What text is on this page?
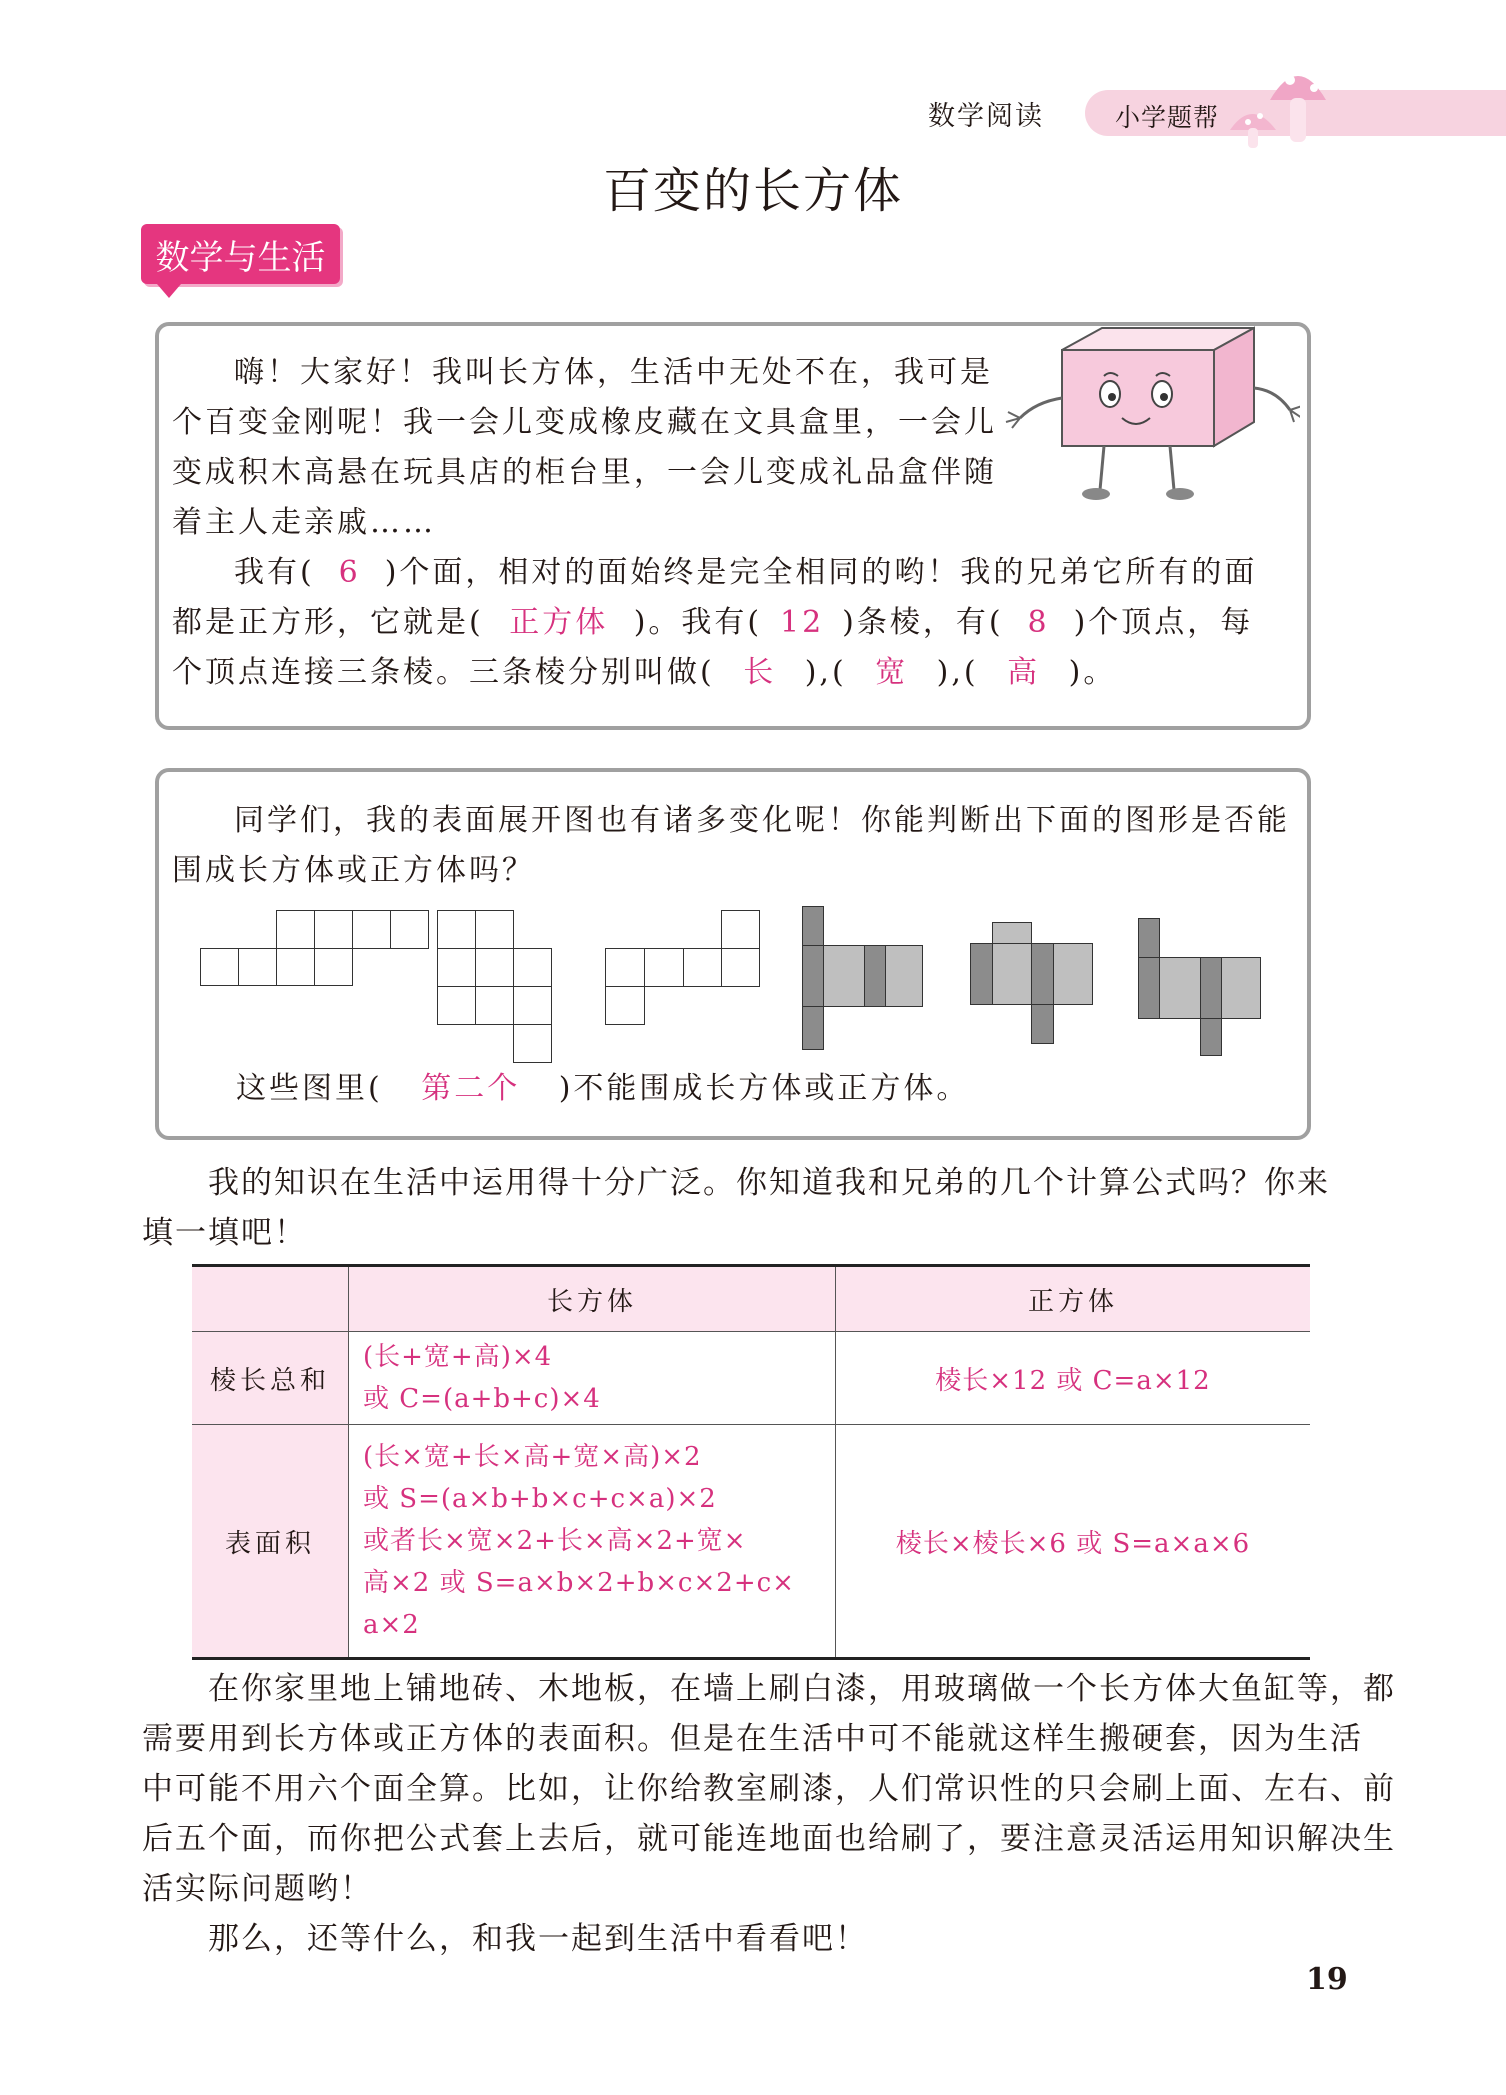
数学阅读	小学题帮
百变的长方体
数学与生活
嗨！大家好！我叫长方体，生活中无处不在，我可是
个百变金刚呢！我一会儿变成橡皮藏在文具盒里，一会儿
变成积木高悬在玩具店的柜台里，一会儿变成礼品盒伴随
着主人走亲戚……
我有( 6 )个面，相对的面始终是完全相同的哟！我的兄弟它所有的面
都是正方形，它就是( 正方体 )。我有( 12 )条棱，有( 8 )个顶点，每
个顶点连接三条棱。三条棱分别叫做( 长 ),( 宽 ),( 高 )。
同学们，我的表面展开图也有诸多变化呢！你能判断出下面的图形是否能
围成长方体或正方体吗？
这些图里( 第二个 )不能围成长方体或正方体。
我的知识在生活中运用得十分广泛。你知道我和兄弟的几个计算公式吗？你来
填一填吧！
	长方体	正方体
棱长总和	(长+宽+高)×4
或 C=(a+b+c)×4	棱长×12 或 C=a×12
表面积	(长×宽+长×高+宽×高)×2
或 S=(a×b+b×c+c×a)×2
或者长×宽×2+长×高×2+宽×
高×2 或 S=a×b×2+b×c×2+c×
a×2	棱长×棱长×6 或 S=a×a×6
在你家里地上铺地砖、木地板，在墙上刷白漆，用玻璃做一个长方体大鱼缸等，都
需要用到长方体或正方体的表面积。但是在生活中可不能就这样生搬硬套，因为生活
中可能不用六个面全算。比如，让你给教室刷漆，人们常识性的只会刷上面、左右、前
后五个面，而你把公式套上去后，就可能连地面也给刷了，要注意灵活运用知识解决生
活实际问题哟！
那么，还等什么，和我一起到生活中看看吧！
19
